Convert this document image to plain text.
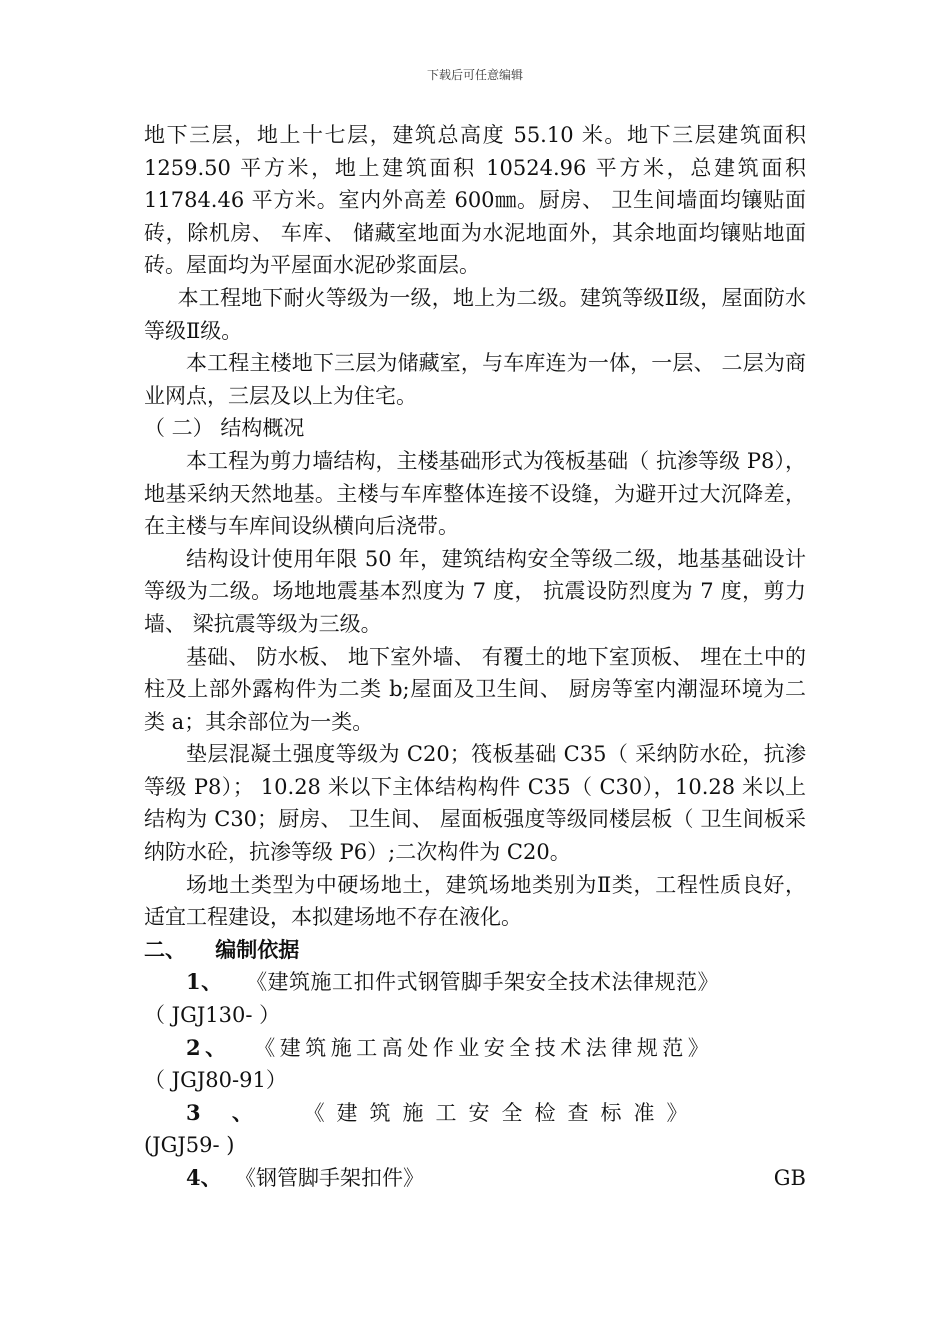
下载后可任意编辑

地下三层，地上十七层，建筑总高度 55.10 米。地下三层建筑面积 1259.50 平方米，地上建筑面积 10524.96 平方米，总建筑面积 11784.46 平方米。室内外高差 600㎜。厨房、 卫生间墙面均镶贴面砖，除机房、 车库、 储藏室地面为水泥地面外，其余地面均镶贴地面砖。屋面均为平屋面水泥砂浆面层。

本工程地下耐火等级为一级，地上为二级。建筑等级Ⅱ级，屋面防水等级Ⅱ级。

本工程主楼地下三层为储藏室，与车库连为一体，一层、 二层为商业网点，三层及以上为住宅。

（ 二） 结构概况

本工程为剪力墙结构，主楼基础形式为筏板基础（ 抗渗等级 P8），地基采纳天然地基。主楼与车库整体连接不设缝，为避开过大沉降差，在主楼与车库间设纵横向后浇带。

结构设计使用年限 50 年，建筑结构安全等级二级，地基基础设计等级为二级。场地地震基本烈度为 7 度， 抗震设防烈度为 7 度，剪力墙、 梁抗震等级为三级。

基础、 防水板、 地下室外墙、 有覆土的地下室顶板、 埋在土中的柱及上部外露构件为二类 b;屋面及卫生间、 厨房等室内潮湿环境为二类 a；其余部位为一类。

垫层混凝土强度等级为 C20；筏板基础 C35（ 采纳防水砼，抗渗等级 P8）； 10.28 米以下主体结构构件 C35（ C30），10.28 米以上结构为 C30；厨房、 卫生间、 屋面板强度等级同楼层板（ 卫生间板采纳防水砼，抗渗等级 P6）;二次构件为 C20。

场地土类型为中硬场地土，建筑场地类别为Ⅱ类，工程性质良好，适宜工程建设，本拟建场地不存在液化。

二、    编制依据

1、 《建筑施工扣件式钢管脚手架安全技术法律规范》

（ JGJ130- ）

2、 《建筑施工高处作业安全技术法律规范》

（ JGJ80-91）

3 、 《建筑施工安全检查标准》

(JGJ59- )

4、 《钢管脚手架扣件》	GB
